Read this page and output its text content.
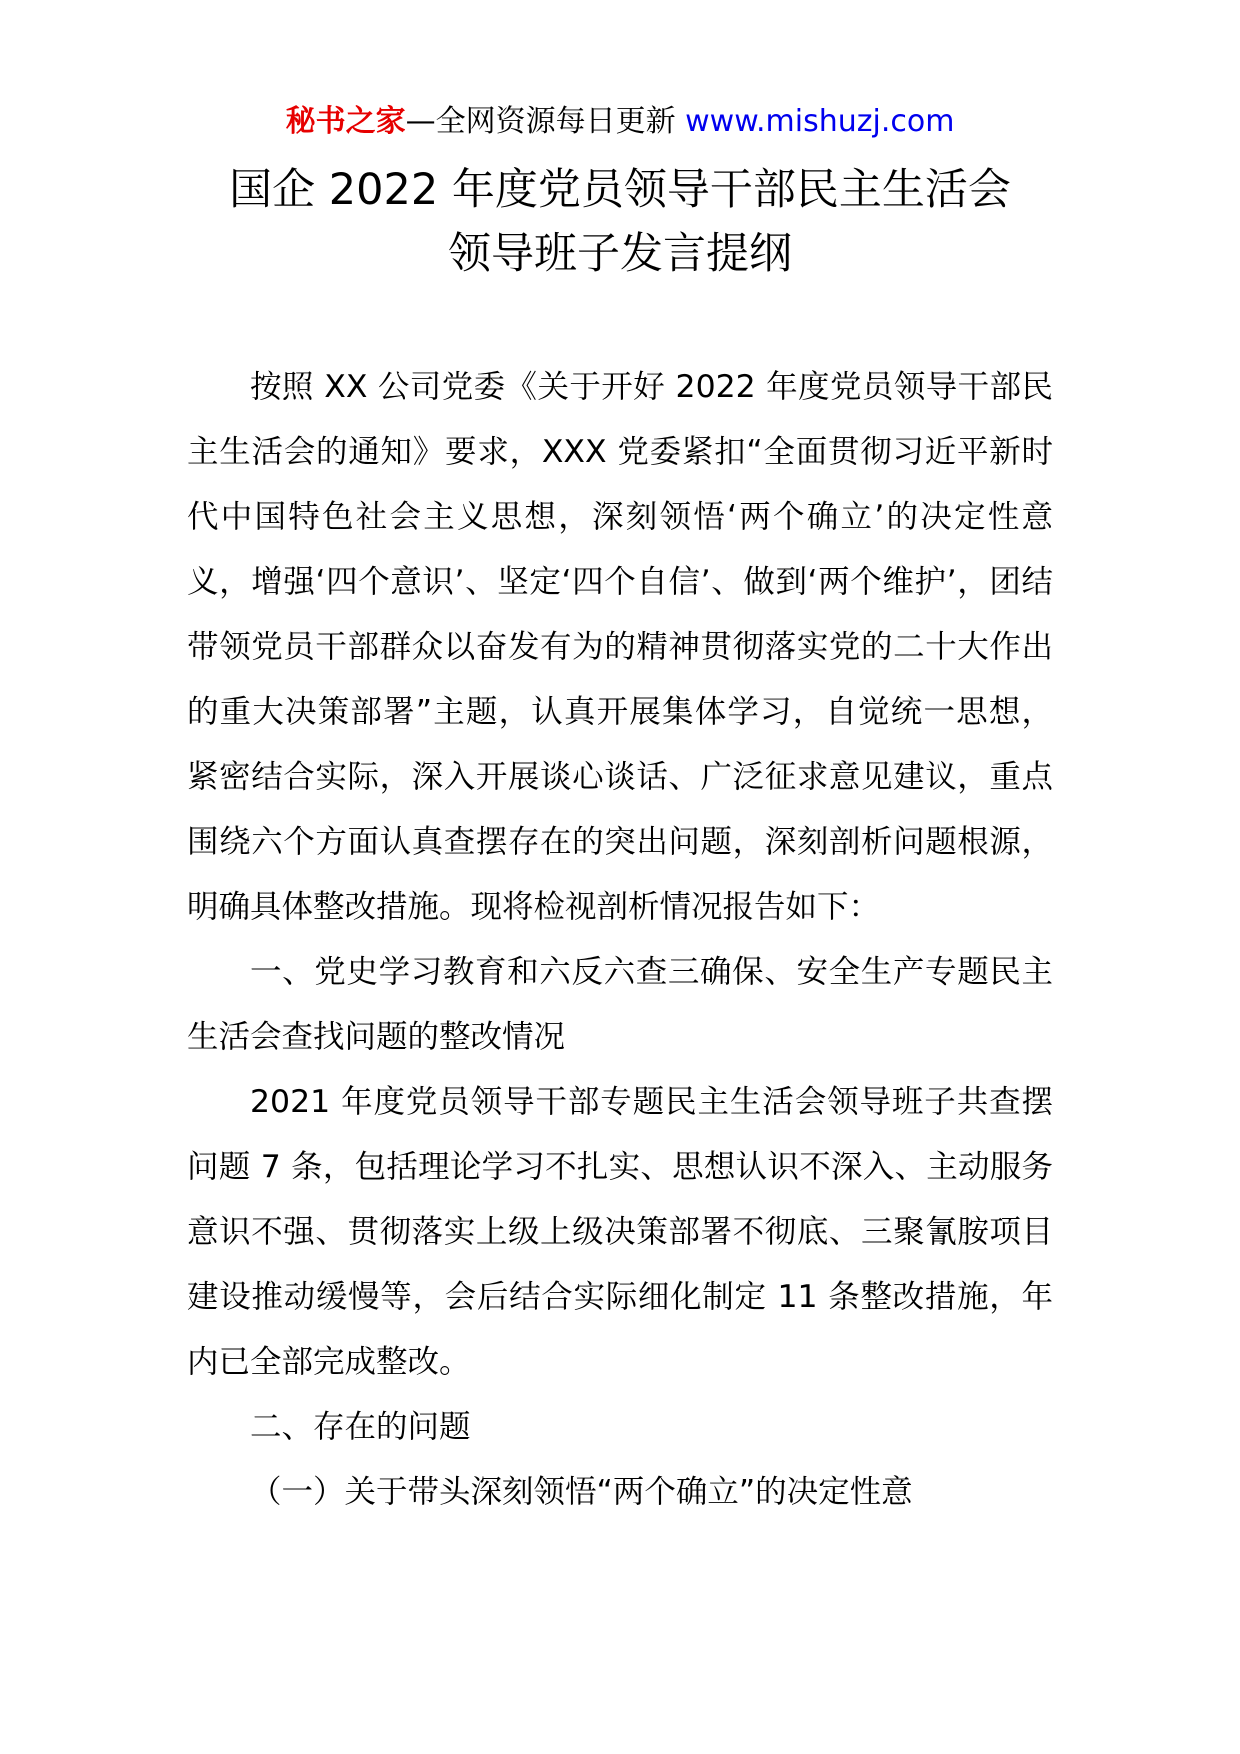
秘书之家—全网资源每日更新 www.mishuzj.com
国企 2022 年度党员领导干部民主生活会
领导班子发言提纲

按照 XX 公司党委《关于开好 2022 年度党员领导干部民主生活会的通知》要求，XXX 党委紧扣“全面贯彻习近平新时代中国特色社会主义思想，深刻领悟‘两个确立’的决定性意义，增强‘四个意识’、坚定‘四个自信’、做到‘两个维护’，团结带领党员干部群众以奋发有为的精神贯彻落实党的二十大作出的重大决策部署”主题，认真开展集体学习，自觉统一思想，紧密结合实际，深入开展谈心谈话、广泛征求意见建议，重点围绕六个方面认真查摆存在的突出问题，深刻剖析问题根源，明确具体整改措施。现将检视剖析情况报告如下：

一、党史学习教育和六反六查三确保、安全生产专题民主生活会查找问题的整改情况

2021 年度党员领导干部专题民主生活会领导班子共查摆问题 7 条，包括理论学习不扎实、思想认识不深入、主动服务意识不强、贯彻落实上级上级决策部署不彻底、三聚氰胺项目建设推动缓慢等，会后结合实际细化制定 11 条整改措施，年内已全部完成整改。

二、存在的问题

（一）关于带头深刻领悟“两个确立”的决定性意
